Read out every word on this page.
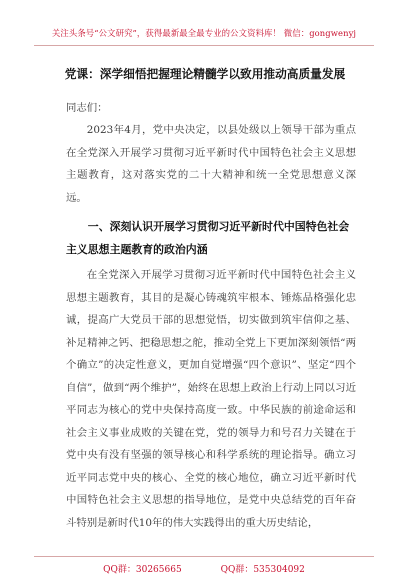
关注头条号“公文研究”，获得最新最全最专业的公文资料库！ 微信：gongwenyj
党课：深学细悟把握理论精髓学以致用推动高质量发展
同志们：
2023年4月，党中央决定，以县处级以上领导干部为重点在全党深入开展学习贯彻习近平新时代中国特色社会主义思想主题教育，这对落实党的二十大精神和统一全党思想意义深远。
一、深刻认识开展学习贯彻习近平新时代中国特色社会主义思想主题教育的政治内涵
在全党深入开展学习贯彻习近平新时代中国特色社会主义思想主题教育，其目的是凝心铸魂筑牢根本、锤炼品格强化忠诚，提高广大党员干部的思想觉悟，切实做到筑牢信仰之基、补足精神之钙、把稳思想之舵，推动全党上下更加深刻领悟“两个确立”的决定性意义，更加自觉增强“四个意识”、坚定“四个自信”，做到“两个维护”，始终在思想上政治上行动上同以习近平同志为核心的党中央保持高度一致。中华民族的前途命运和社会主义事业成败的关键在党，党的领导力和号召力关键在于党中央有没有坚强的领导核心和科学系统的理论指导。确立习近平同志党中央的核心、全党的核心地位，确立习近平新时代中国特色社会主义思想的指导地位，是党中央总结党的百年奋斗特别是新时代10年的伟大实践得出的重大历史结论，
QQ群：30265665	QQ群：535304092
